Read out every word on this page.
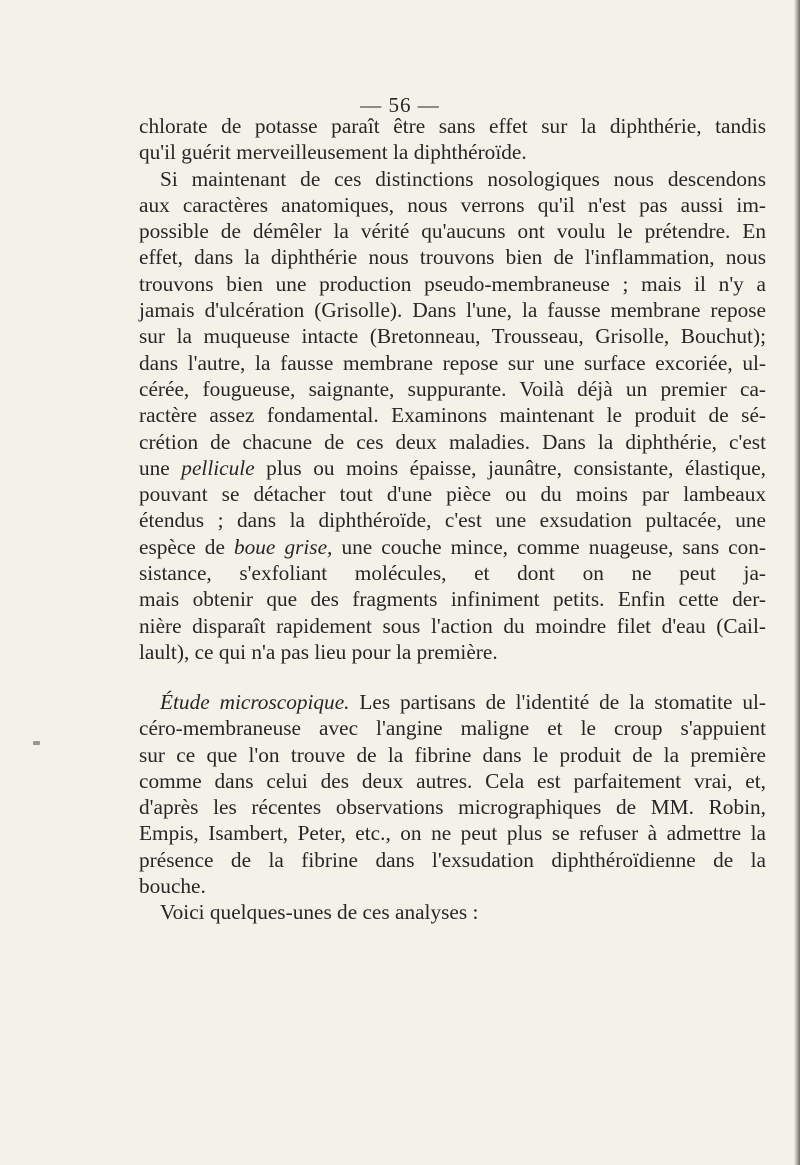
— 56 —
chlorate de potasse paraît être sans effet sur la diphthérie, tandis
qu'il guérit merveilleusement la diphthéroïde.
Si maintenant de ces distinctions nosologiques nous descendons
aux caractères anatomiques, nous verrons qu'il n'est pas aussi im-
possible de démêler la vérité qu'aucuns ont voulu le prétendre. En
effet, dans la diphthérie nous trouvons bien de l'inflammation, nous
trouvons bien une production pseudo-membraneuse ; mais il n'y a
jamais d'ulcération (Grisolle). Dans l'une, la fausse membrane repose
sur la muqueuse intacte (Bretonneau, Trousseau, Grisolle, Bouchut);
dans l'autre, la fausse membrane repose sur une surface excoriée, ul-
cérée, fougueuse, saignante, suppurante. Voilà déjà un premier ca-
ractère assez fondamental. Examinons maintenant le produit de sé-
crétion de chacune de ces deux maladies. Dans la diphthérie, c'est
une pellicule plus ou moins épaisse, jaunâtre, consistante, élastique,
pouvant se détacher tout d'une pièce ou du moins par lambeaux
étendus ; dans la diphthéroïde, c'est une exsudation pultacée, une
espèce de boue grise, une couche mince, comme nuageuse, sans con-
sistance, s'exfoliant molécules, et dont on ne peut ja-
mais obtenir que des fragments infiniment petits. Enfin cette der-
nière disparaît rapidement sous l'action du moindre filet d'eau (Cail-
lault), ce qui n'a pas lieu pour la première.
Étude microscopique. Les partisans de l'identité de la stomatite ul-
céro-membraneuse avec l'angine maligne et le croup s'appuient
sur ce que l'on trouve de la fibrine dans le produit de la première
comme dans celui des deux autres. Cela est parfaitement vrai, et,
d'après les récentes observations micrographiques de MM. Robin,
Empis, Isambert, Peter, etc., on ne peut plus se refuser à admettre la
présence de la fibrine dans l'exsudation diphthéroïdienne de la
bouche.
Voici quelques-unes de ces analyses :
